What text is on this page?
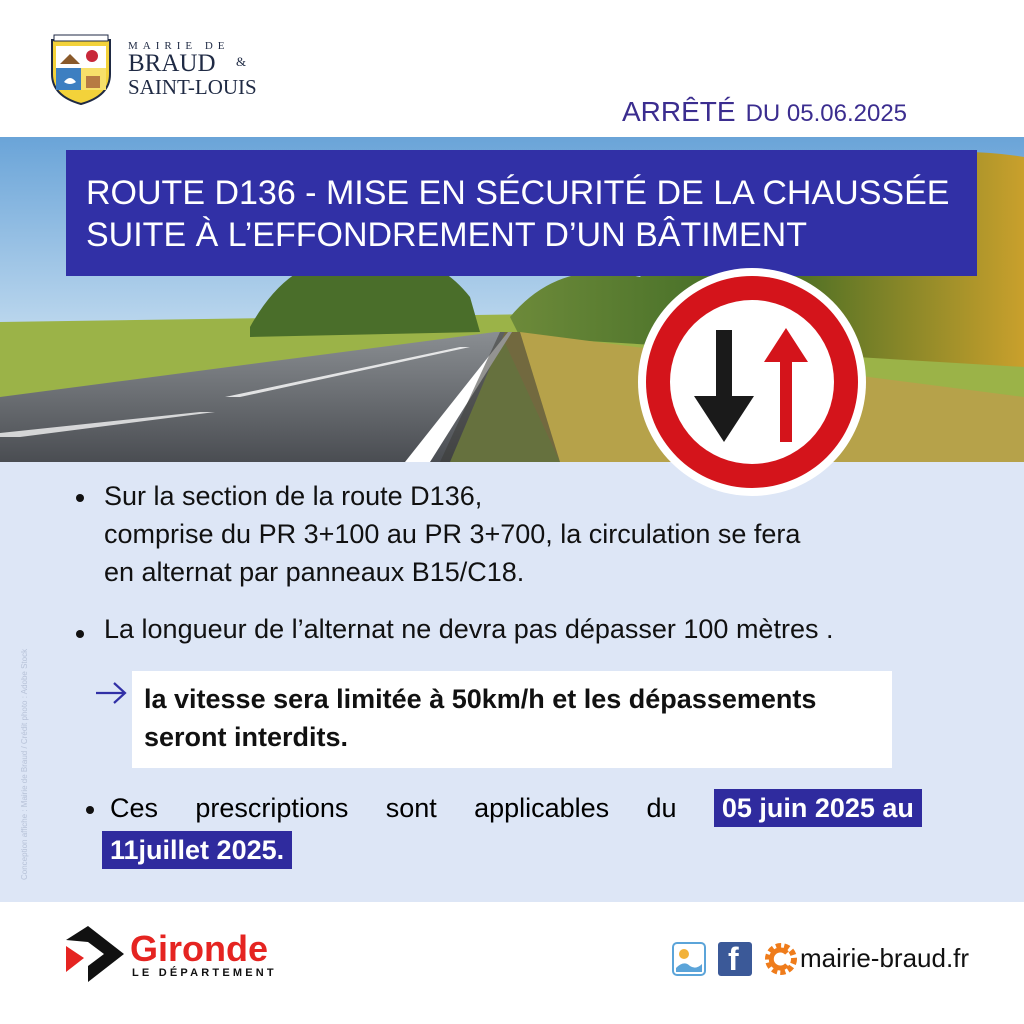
MAIRIE DE
BRAUD	&
SAINT-LOUIS
ARRÊTÉ DU 05.06.2025
ROUTE D136 - MISE EN SÉCURITÉ DE LA CHAUSSÉE
SUITE À L’EFFONDREMENT D’UN BÂTIMENT
Sur la section de la route D136,
comprise du PR 3+100 au PR 3+700, la circulation se fera
en alternat par panneaux B15/C18.
La longueur de l’alternat ne devra pas dépasser 100 mètres .
la vitesse sera limitée à 50km/h et les dépassements
seront interdits.
Ces prescriptions sont applicables du 05 juin 2025 au
11juillet 2025.
Conception affiche : Mairie de Braud / Crédit photo : Adobe Stock
Gironde
LE DÉPARTEMENT	f mairie-braud.fr
